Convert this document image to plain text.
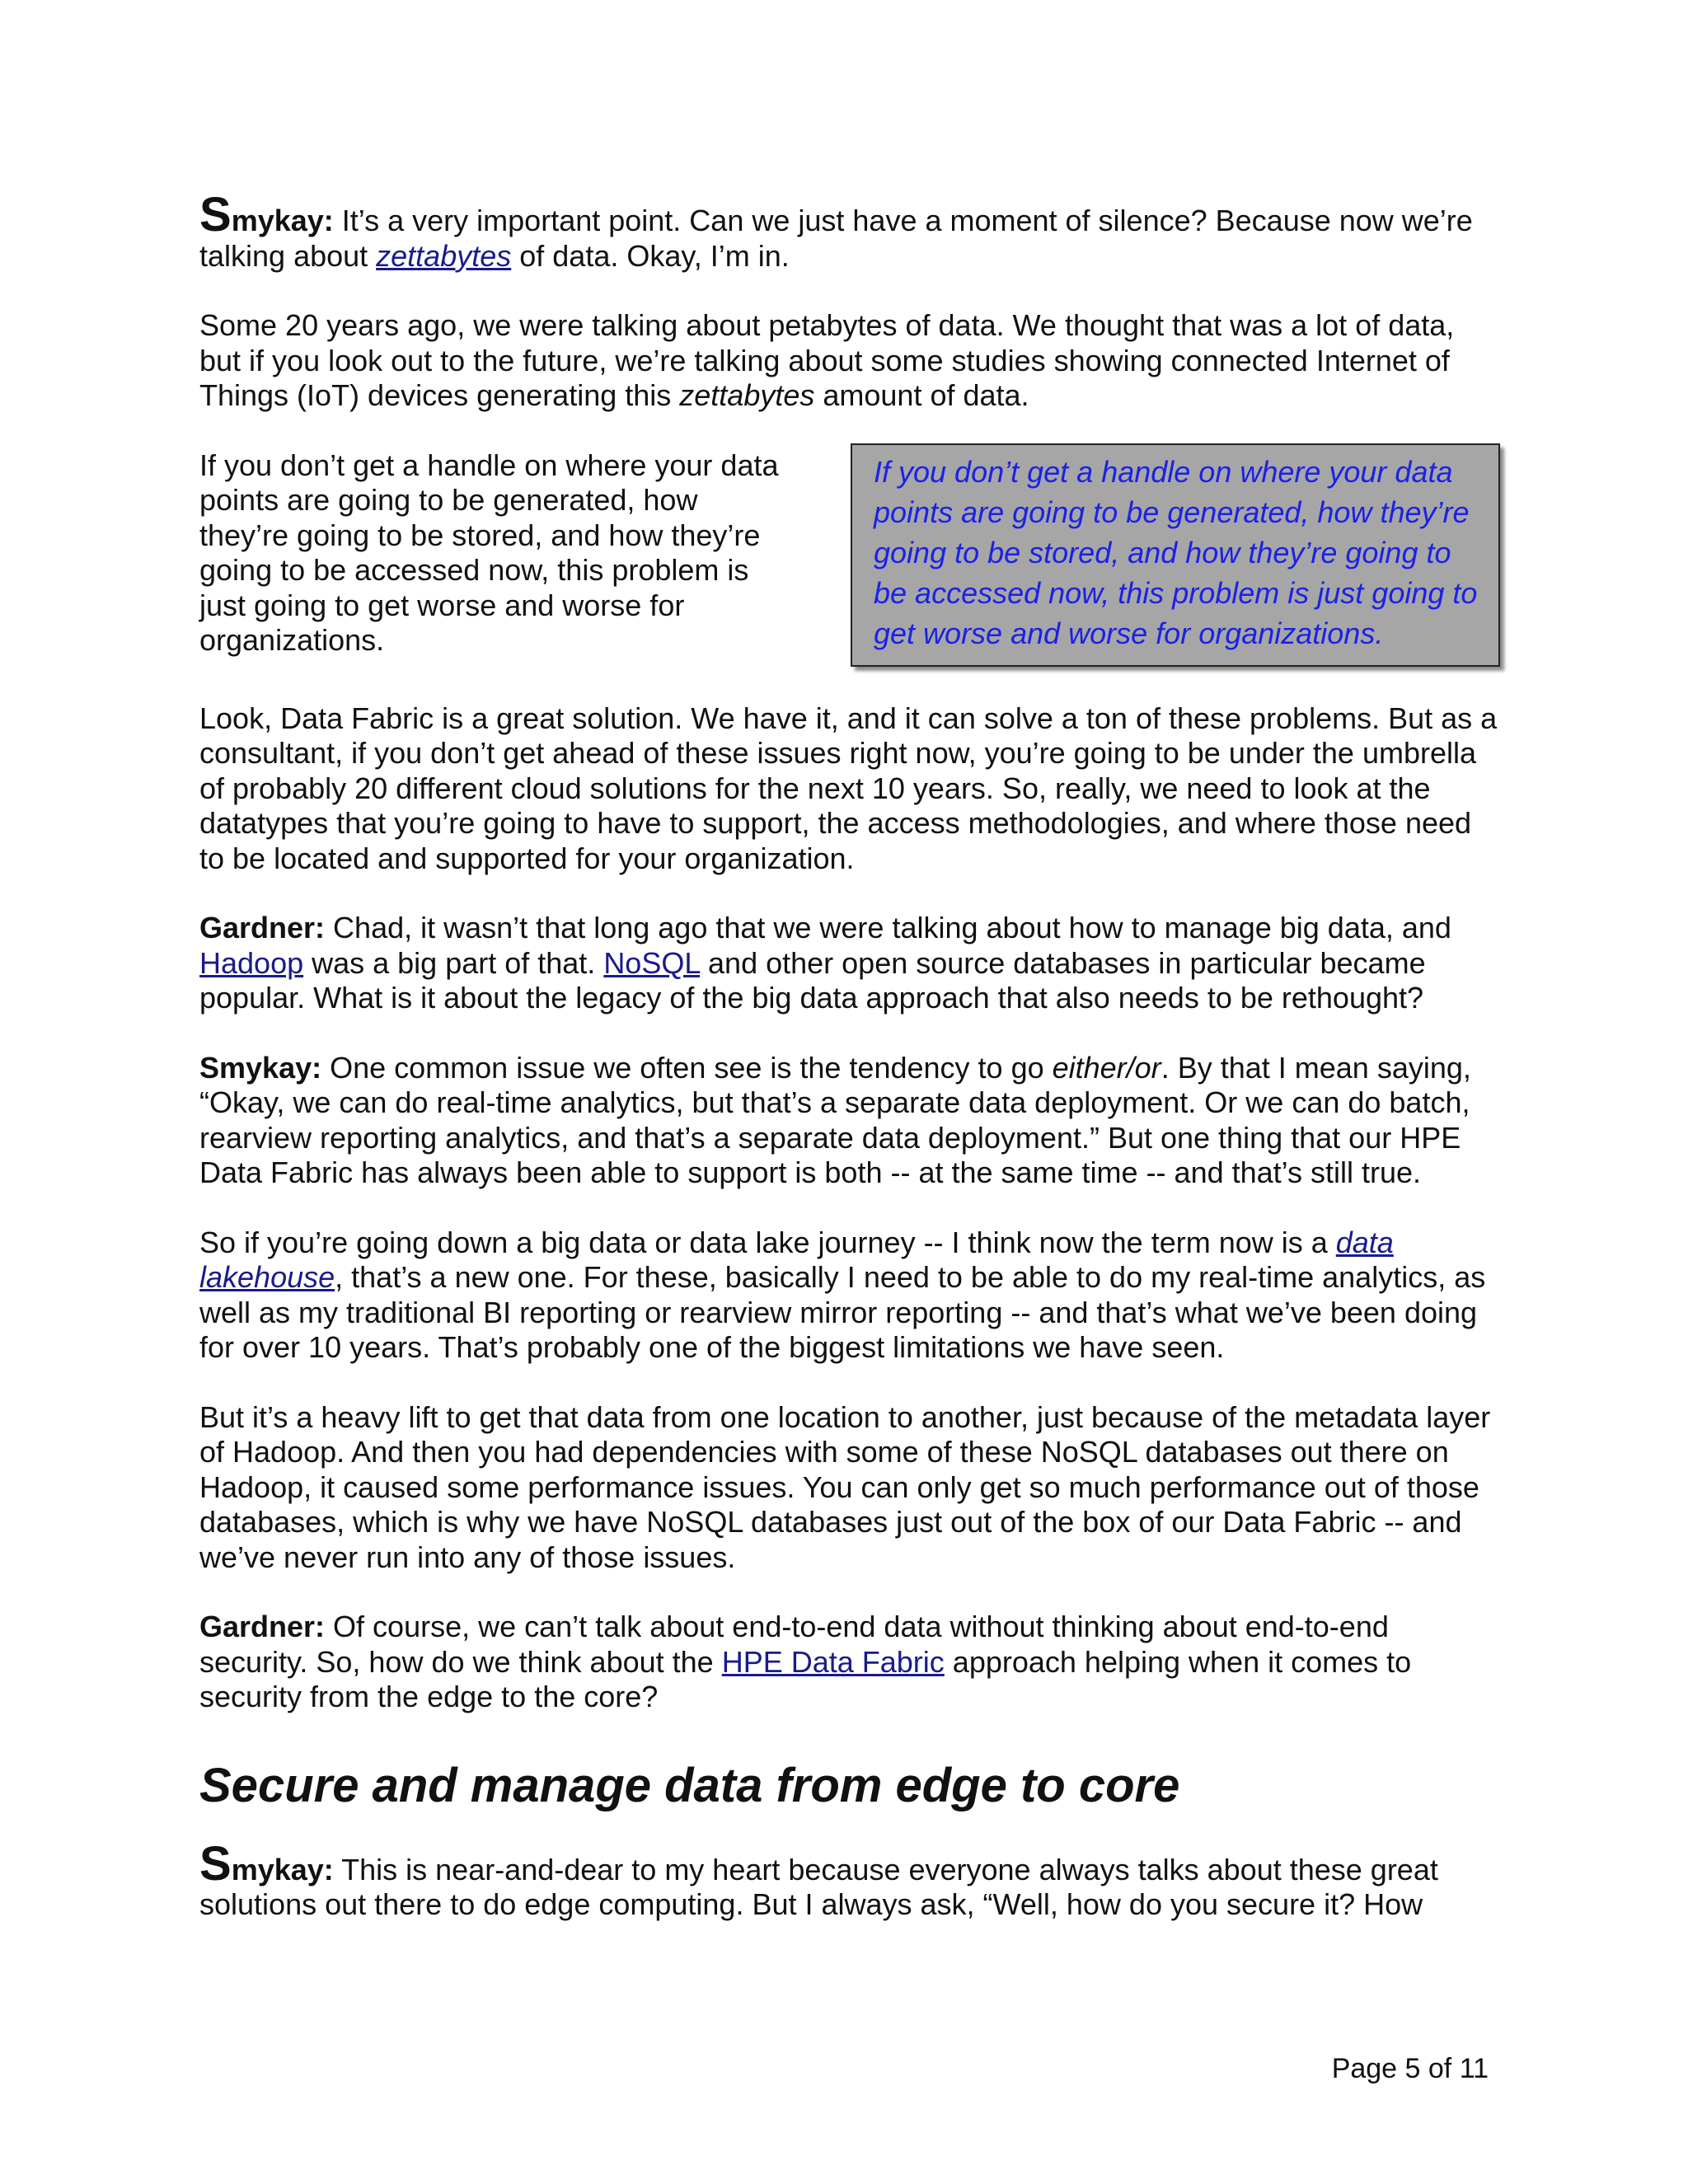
Smykay: It’s a very important point. Can we just have a moment of silence? Because now we’re talking about zettabytes of data. Okay, I’m in.

Some 20 years ago, we were talking about petabytes of data. We thought that was a lot of data, but if you look out to the future, we’re talking about some studies showing connected Internet of Things (IoT) devices generating this zettabytes amount of data.

If you don’t get a handle on where your data points are going to be generated, how they’re going to be stored, and how they’re going to be accessed now, this problem is just going to get worse and worse for organizations.

If you don’t get a handle on where your data points are going to be generated, how they’re going to be stored, and how they’re going to be accessed now, this problem is just going to get worse and worse for organizations.

Look, Data Fabric is a great solution. We have it, and it can solve a ton of these problems. But as a consultant, if you don’t get ahead of these issues right now, you’re going to be under the umbrella of probably 20 different cloud solutions for the next 10 years. So, really, we need to look at the datatypes that you’re going to have to support, the access methodologies, and where those need to be located and supported for your organization.

Gardner: Chad, it wasn’t that long ago that we were talking about how to manage big data, and Hadoop was a big part of that. NoSQL and other open source databases in particular became popular. What is it about the legacy of the big data approach that also needs to be rethought?

Smykay: One common issue we often see is the tendency to go either/or. By that I mean saying, “Okay, we can do real-time analytics, but that’s a separate data deployment. Or we can do batch, rearview reporting analytics, and that’s a separate data deployment.” But one thing that our HPE Data Fabric has always been able to support is both -- at the same time -- and that’s still true.

So if you’re going down a big data or data lake journey -- I think now the term now is a data lakehouse, that’s a new one. For these, basically I need to be able to do my real-time analytics, as well as my traditional BI reporting or rearview mirror reporting -- and that’s what we’ve been doing for over 10 years. That’s probably one of the biggest limitations we have seen.

But it’s a heavy lift to get that data from one location to another, just because of the metadata layer of Hadoop. And then you had dependencies with some of these NoSQL databases out there on Hadoop, it caused some performance issues. You can only get so much performance out of those databases, which is why we have NoSQL databases just out of the box of our Data Fabric -- and we’ve never run into any of those issues.

Gardner: Of course, we can’t talk about end-to-end data without thinking about end-to-end security. So, how do we think about the HPE Data Fabric approach helping when it comes to security from the edge to the core?

Secure and manage data from edge to core

Smykay: This is near-and-dear to my heart because everyone always talks about these great solutions out there to do edge computing. But I always ask, “Well, how do you secure it? How

Page 5 of 11
